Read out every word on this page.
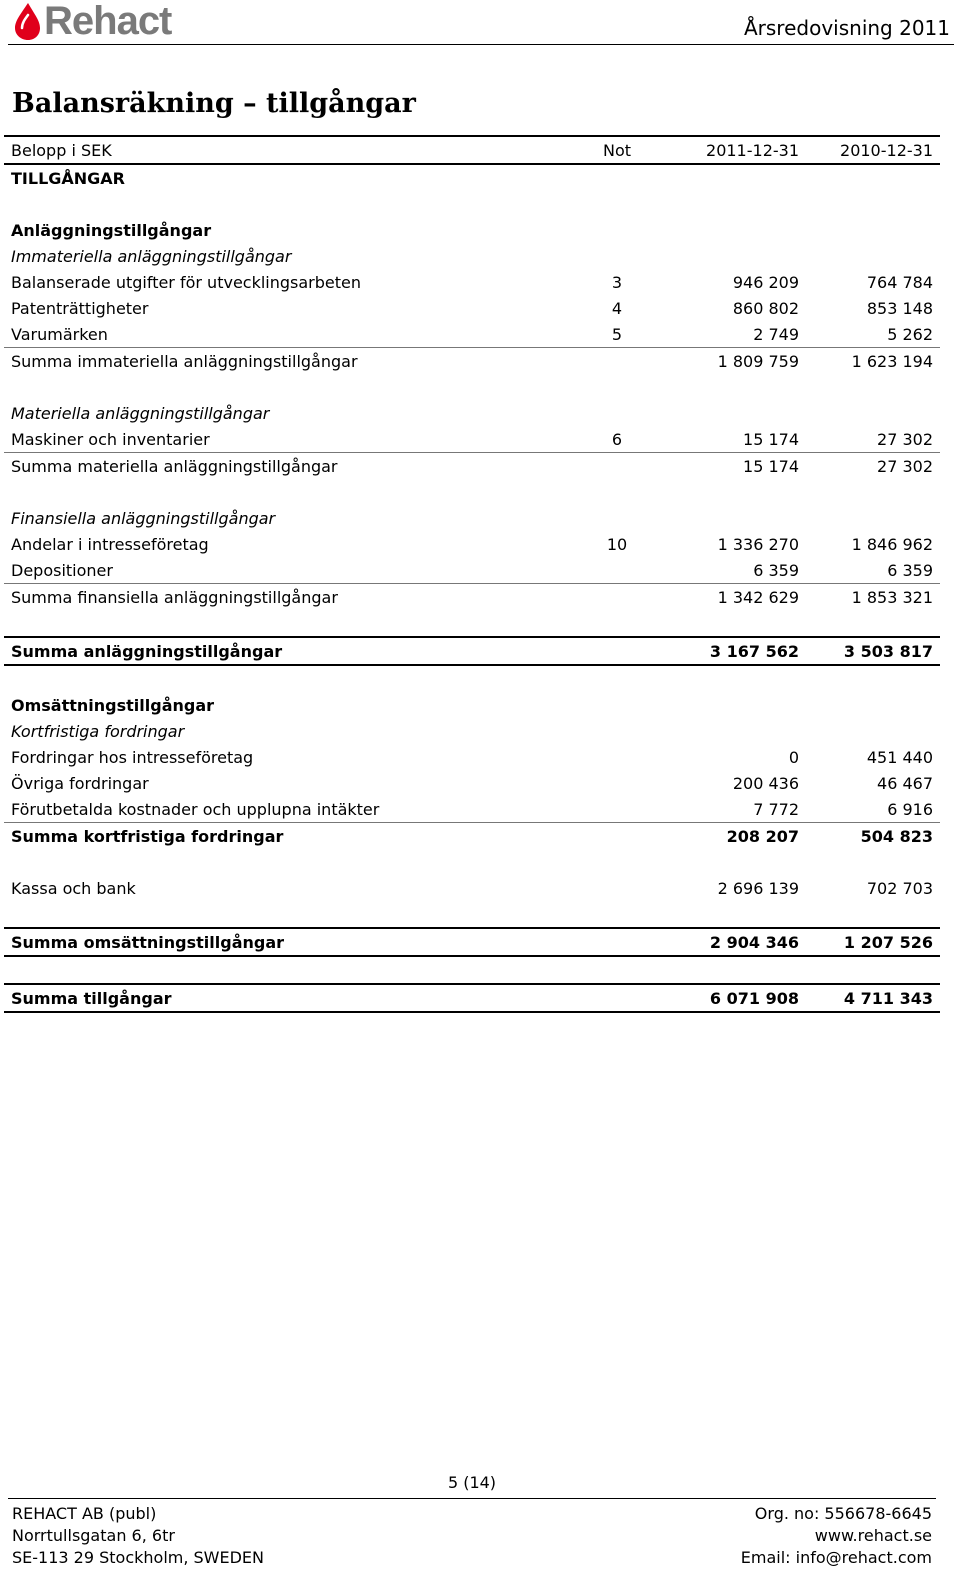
Rehact	Årsredovisning 2011
Balansräkning – tillgångar
Belopp i SEK	Not	2011-12-31	2010-12-31
TILLGÅNGAR			

Anläggningstillgångar			
Immateriella anläggningstillgångar			
Balanserade utgifter för utvecklingsarbeten	3	946 209	764 784
Patenträttigheter	4	860 802	853 148
Varumärken	5	2 749	5 262
Summa immateriella anläggningstillgångar		1 809 759	1 623 194

Materiella anläggningstillgångar			
Maskiner och inventarier	6	15 174	27 302
Summa materiella anläggningstillgångar		15 174	27 302

Finansiella anläggningstillgångar			
Andelar i intresseföretag	10	1 336 270	1 846 962
Depositioner		6 359	6 359
Summa finansiella anläggningstillgångar		1 342 629	1 853 321

Summa anläggningstillgångar		3 167 562	3 503 817

Omsättningstillgångar			
Kortfristiga fordringar			
Fordringar hos intresseföretag		0	451 440
Övriga fordringar		200 436	46 467
Förutbetalda kostnader och upplupna intäkter		7 772	6 916
Summa kortfristiga fordringar		208 207	504 823

Kassa och bank		2 696 139	702 703

Summa omsättningstillgångar		2 904 346	1 207 526

Summa tillgångar		6 071 908	4 711 343
5 (14)
REHACT AB (publ)
Norrtullsgatan 6, 6tr
SE-113 29 Stockholm, SWEDEN
Org. no: 556678-6645
www.rehact.se
Email: info@rehact.com
